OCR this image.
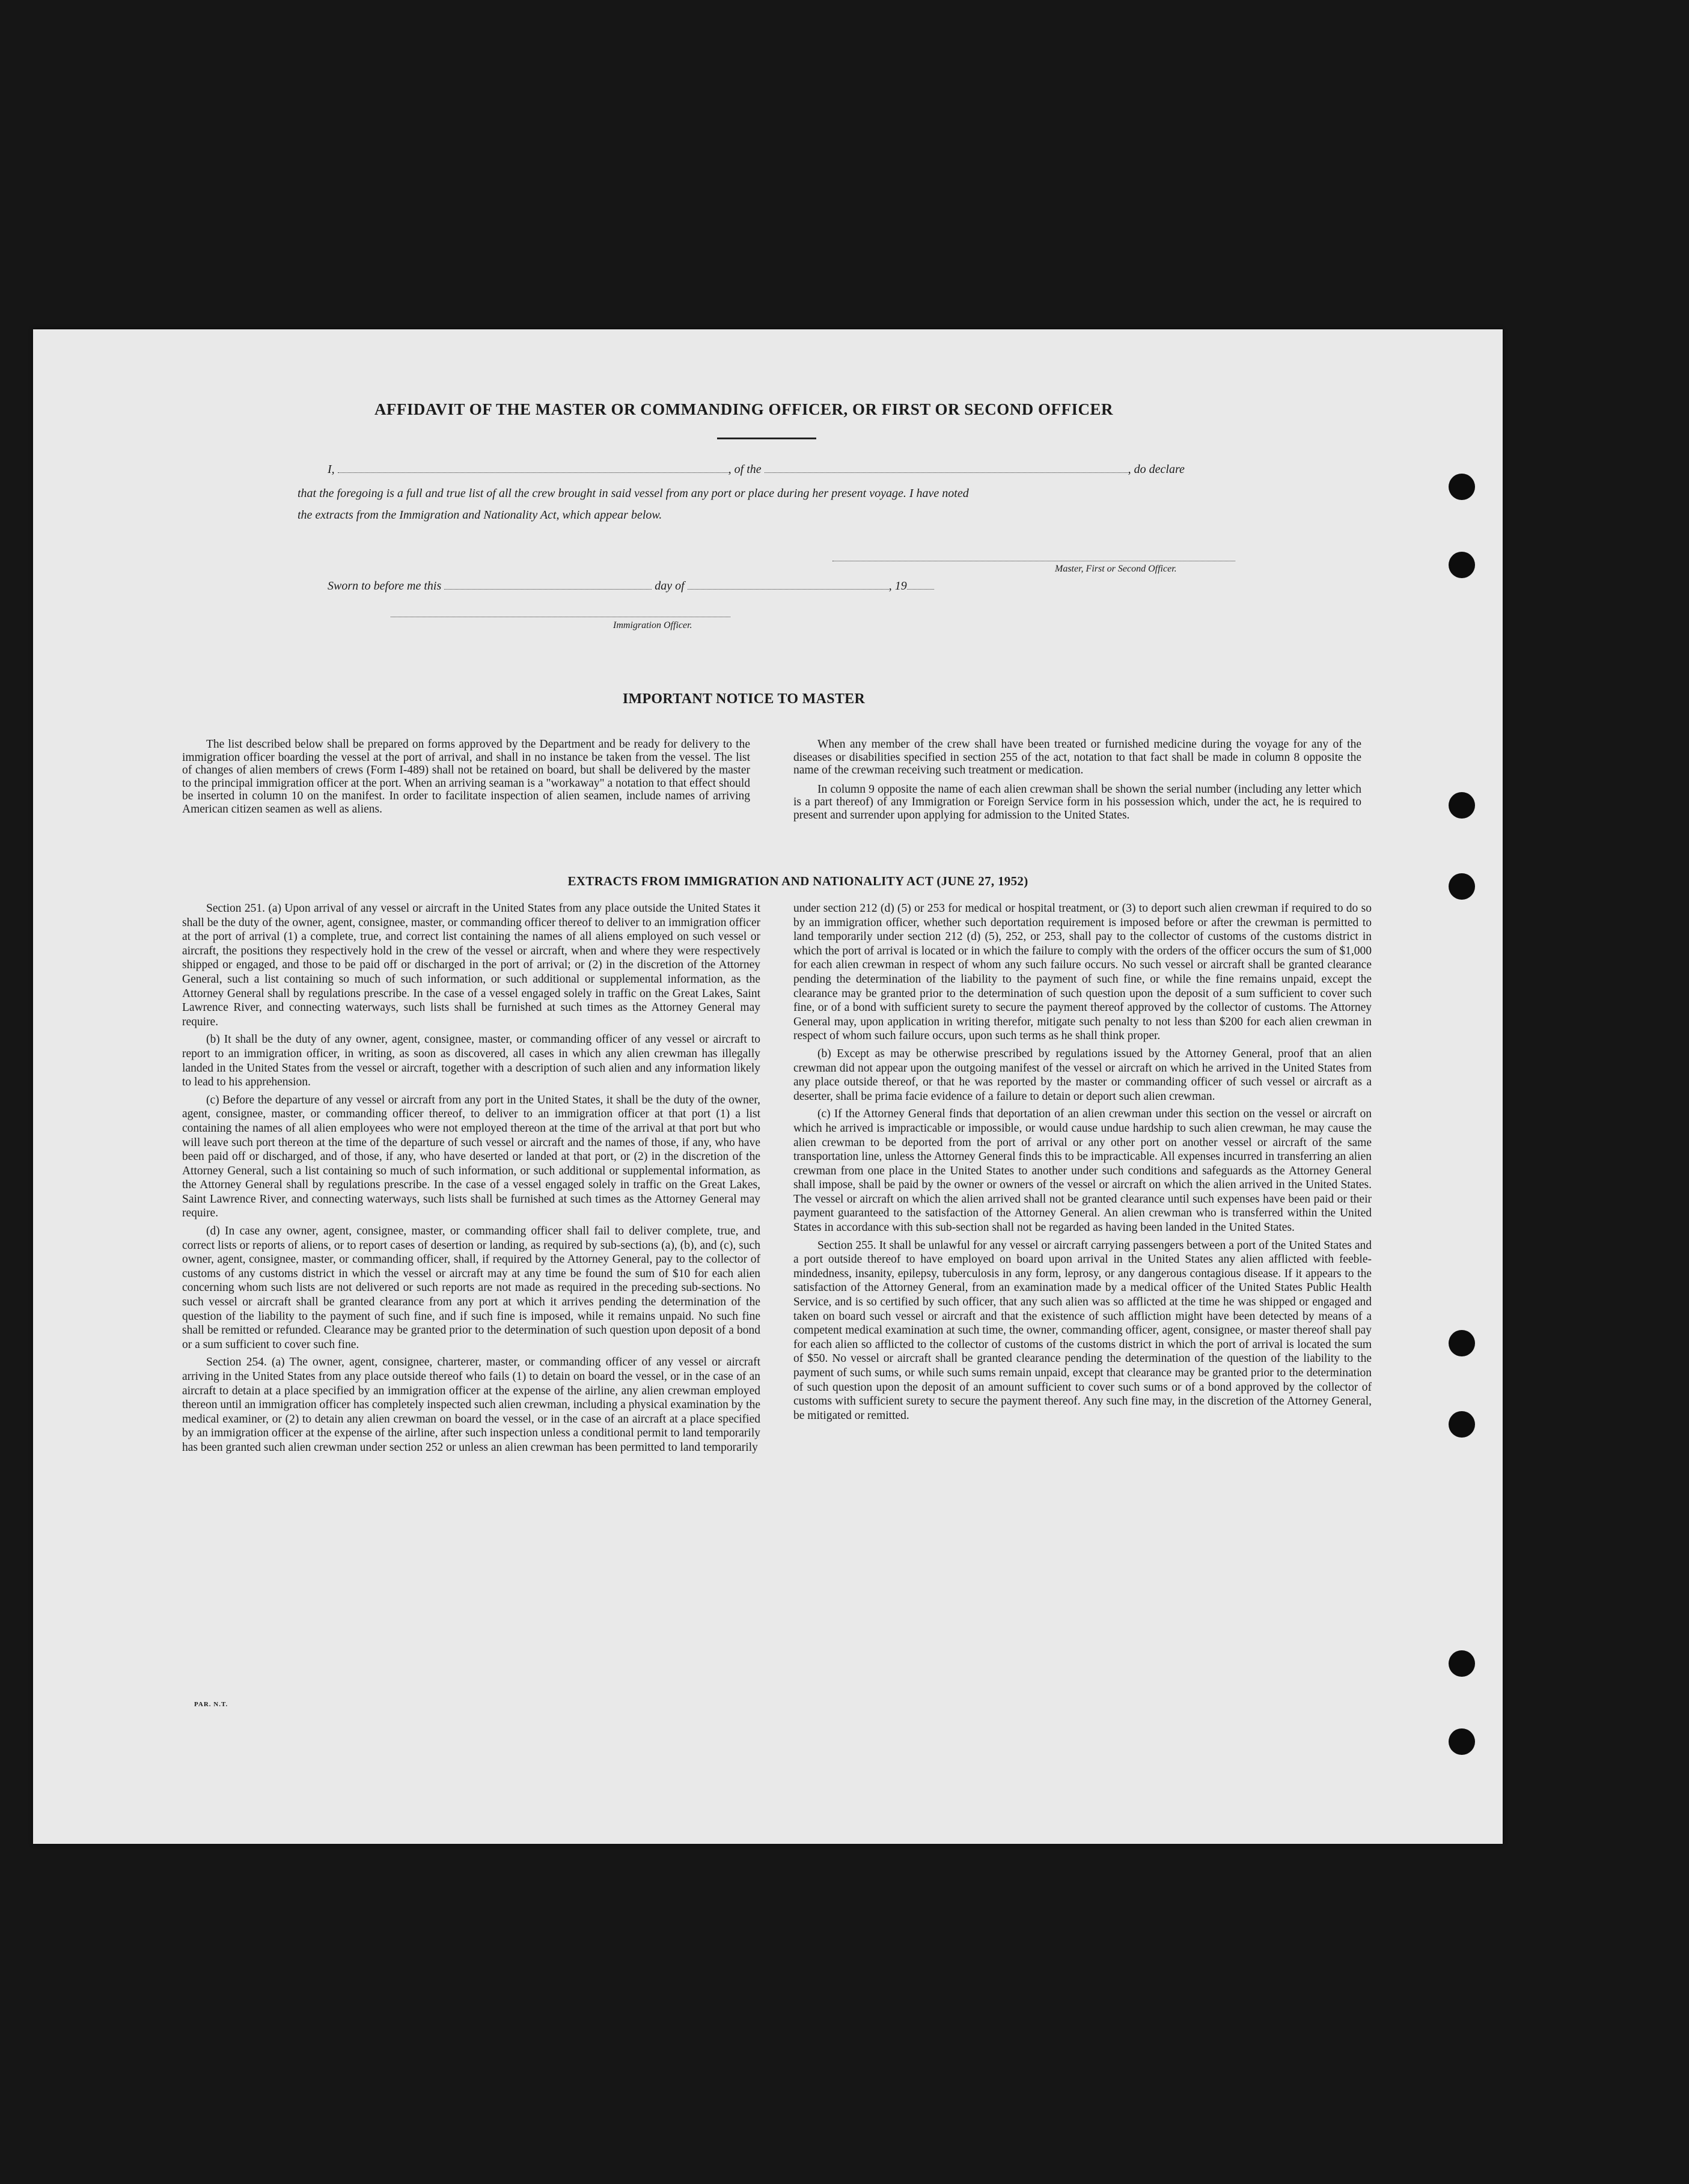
AFFIDAVIT OF THE MASTER OR COMMANDING OFFICER, OR FIRST OR SECOND OFFICER
I,	, of the	, do declare
that the foregoing is a full and true list of all the crew brought in said vessel from any port or place during her present voyage. I have noted
the extracts from the Immigration and Nationality Act, which appear below.
Master, First or Second Officer.
Sworn to before me this	day of	, 19
Immigration Officer.
IMPORTANT NOTICE TO MASTER

The list described below shall be prepared on forms approved by the Department and be ready for delivery to the immigration officer boarding the vessel at the port of arrival, and shall in no instance be taken from the vessel. The list of changes of alien members of crews (Form I-489) shall not be retained on board, but shall be delivered by the master to the principal immigration officer at the port. When an arriving seaman is a "workaway" a notation to that effect should be inserted in column 10 on the manifest. In order to facilitate inspection of alien seamen, include names of arriving American citizen seamen as well as aliens.

When any member of the crew shall have been treated or furnished medicine during the voyage for any of the diseases or disabilities specified in section 255 of the act, notation to that fact shall be made in column 8 opposite the name of the crewman receiving such treatment or medication.

In column 9 opposite the name of each alien crewman shall be shown the serial number (including any letter which is a part thereof) of any Immigration or Foreign Service form in his possession which, under the act, he is required to present and surrender upon applying for admission to the United States.

EXTRACTS FROM IMMIGRATION AND NATIONALITY ACT (JUNE 27, 1952)

Section 251. (a) Upon arrival of any vessel or aircraft in the United States from any place outside the United States it shall be the duty of the owner, agent, consignee, master, or commanding officer thereof to deliver to an immigration officer at the port of arrival (1) a complete, true, and correct list containing the names of all aliens employed on such vessel or aircraft, the positions they respectively hold in the crew of the vessel or aircraft, when and where they were respectively shipped or engaged, and those to be paid off or discharged in the port of arrival; or (2) in the discretion of the Attorney General, such a list containing so much of such information, or such additional or supplemental information, as the Attorney General shall by regulations prescribe. In the case of a vessel engaged solely in traffic on the Great Lakes, Saint Lawrence River, and connecting waterways, such lists shall be furnished at such times as the Attorney General may require.

(b) It shall be the duty of any owner, agent, consignee, master, or commanding officer of any vessel or aircraft to report to an immigration officer, in writing, as soon as discovered, all cases in which any alien crewman has illegally landed in the United States from the vessel or aircraft, together with a description of such alien and any information likely to lead to his apprehension.

(c) Before the departure of any vessel or aircraft from any port in the United States, it shall be the duty of the owner, agent, consignee, master, or commanding officer thereof, to deliver to an immigration officer at that port (1) a list containing the names of all alien employees who were not employed thereon at the time of the arrival at that port but who will leave such port thereon at the time of the departure of such vessel or aircraft and the names of those, if any, who have been paid off or discharged, and of those, if any, who have deserted or landed at that port, or (2) in the discretion of the Attorney General, such a list containing so much of such information, or such additional or supplemental information, as the Attorney General shall by regulations prescribe. In the case of a vessel engaged solely in traffic on the Great Lakes, Saint Lawrence River, and connecting waterways, such lists shall be furnished at such times as the Attorney General may require.

(d) In case any owner, agent, consignee, master, or commanding officer shall fail to deliver complete, true, and correct lists or reports of aliens, or to report cases of desertion or landing, as required by sub-sections (a), (b), and (c), such owner, agent, consignee, master, or commanding officer, shall, if required by the Attorney General, pay to the collector of customs of any customs district in which the vessel or aircraft may at any time be found the sum of $10 for each alien concerning whom such lists are not delivered or such reports are not made as required in the preceding sub-sections. No such vessel or aircraft shall be granted clearance from any port at which it arrives pending the determination of the question of the liability to the payment of such fine, and if such fine is imposed, while it remains unpaid. No such fine shall be remitted or refunded. Clearance may be granted prior to the determination of such question upon deposit of a bond or a sum sufficient to cover such fine.

Section 254. (a) The owner, agent, consignee, charterer, master, or commanding officer of any vessel or aircraft arriving in the United States from any place outside thereof who fails (1) to detain on board the vessel, or in the case of an aircraft to detain at a place specified by an immigration officer at the expense of the airline, any alien crewman employed thereon until an immigration officer has completely inspected such alien crewman, including a physical examination by the medical examiner, or (2) to detain any alien crewman on board the vessel, or in the case of an aircraft at a place specified by an immigration officer at the expense of the airline, after such inspection unless a conditional permit to land temporarily has been granted such alien crewman under section 252 or unless an alien crewman has been permitted to land temporarily

under section 212 (d) (5) or 253 for medical or hospital treatment, or (3) to deport such alien crewman if required to do so by an immigration officer, whether such deportation requirement is imposed before or after the crewman is permitted to land temporarily under section 212 (d) (5), 252, or 253, shall pay to the collector of customs of the customs district in which the port of arrival is located or in which the failure to comply with the orders of the officer occurs the sum of $1,000 for each alien crewman in respect of whom any such failure occurs. No such vessel or aircraft shall be granted clearance pending the determination of the liability to the payment of such fine, or while the fine remains unpaid, except the clearance may be granted prior to the determination of such question upon the deposit of a sum sufficient to cover such fine, or of a bond with sufficient surety to secure the payment thereof approved by the collector of customs. The Attorney General may, upon application in writing therefor, mitigate such penalty to not less than $200 for each alien crewman in respect of whom such failure occurs, upon such terms as he shall think proper.

(b) Except as may be otherwise prescribed by regulations issued by the Attorney General, proof that an alien crewman did not appear upon the outgoing manifest of the vessel or aircraft on which he arrived in the United States from any place outside thereof, or that he was reported by the master or commanding officer of such vessel or aircraft as a deserter, shall be prima facie evidence of a failure to detain or deport such alien crewman.

(c) If the Attorney General finds that deportation of an alien crewman under this section on the vessel or aircraft on which he arrived is impracticable or impossible, or would cause undue hardship to such alien crewman, he may cause the alien crewman to be deported from the port of arrival or any other port on another vessel or aircraft of the same transportation line, unless the Attorney General finds this to be impracticable. All expenses incurred in transferring an alien crewman from one place in the United States to another under such conditions and safeguards as the Attorney General shall impose, shall be paid by the owner or owners of the vessel or aircraft on which the alien arrived in the United States. The vessel or aircraft on which the alien arrived shall not be granted clearance until such expenses have been paid or their payment guaranteed to the satisfaction of the Attorney General. An alien crewman who is transferred within the United States in accordance with this sub-section shall not be regarded as having been landed in the United States.

Section 255. It shall be unlawful for any vessel or aircraft carrying passengers between a port of the United States and a port outside thereof to have employed on board upon arrival in the United States any alien afflicted with feeble-mindedness, insanity, epilepsy, tuberculosis in any form, leprosy, or any dangerous contagious disease. If it appears to the satisfaction of the Attorney General, from an examination made by a medical officer of the United States Public Health Service, and is so certified by such officer, that any such alien was so afflicted at the time he was shipped or engaged and taken on board such vessel or aircraft and that the existence of such affliction might have been detected by means of a competent medical examination at such time, the owner, commanding officer, agent, consignee, or master thereof shall pay for each alien so afflicted to the collector of customs of the customs district in which the port of arrival is located the sum of $50. No vessel or aircraft shall be granted clearance pending the determination of the question of the liability to the payment of such sums, or while such sums remain unpaid, except that clearance may be granted prior to the determination of such question upon the deposit of an amount sufficient to cover such sums or of a bond approved by the collector of customs with sufficient surety to secure the payment thereof. Any such fine may, in the discretion of the Attorney General, be mitigated or remitted.

PAR. N.T.
